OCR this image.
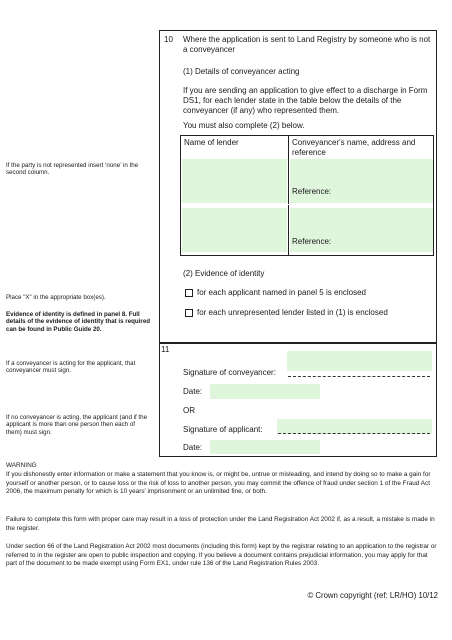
If the party is not represented insert ‘none’ in the second column.
Place "X" in the appropriate box(es).
Evidence of identity is defined in panel 8. Full details of the evidence of identity that is required can be found in Public Guide 20.
If a conveyancer is acting for the applicant, that conveyancer must sign.
If no conveyancer is acting, the applicant (and if the applicant is more than one person then each of them) must sign.
10 Where the application is sent to Land Registry by someone who is not a conveyancer
(1) Details of conveyancer acting
If you are sending an application to give effect to a discharge in Form DS1, for each lender state in the table below the details of the conveyancer (if any) who represented them.
You must also complete (2) below.
Name of lender	Conveyancer's name, address and reference
Reference:
Reference:
(2) Evidence of identity
for each applicant named in panel 5 is enclosed
for each unrepresented lender listed in (1) is enclosed
11
Signature of conveyancer:
Date:
OR
Signature of applicant:
Date:
WARNING
If you dishonestly enter information or make a statement that you know is, or might be, untrue or misleading, and intend by doing so to make a gain for yourself or another person, or to cause loss or the risk of loss to another person, you may commit the offence of fraud under section 1 of the Fraud Act 2006, the maximum penalty for which is 10 years' imprisonment or an unlimited fine, or both.
Failure to complete this form with proper care may result in a loss of protection under the Land Registration Act 2002 if, as a result, a mistake is made in the register.
Under section 66 of the Land Registration Act 2002 most documents (including this form) kept by the registrar relating to an application to the registrar or referred to in the register are open to public inspection and copying. If you believe a document contains prejudicial information, you may apply for that part of the document to be made exempt using Form EX1, under rule 136 of the Land Registration Rules 2003.
© Crown copyright (ref: LR/HO) 10/12
